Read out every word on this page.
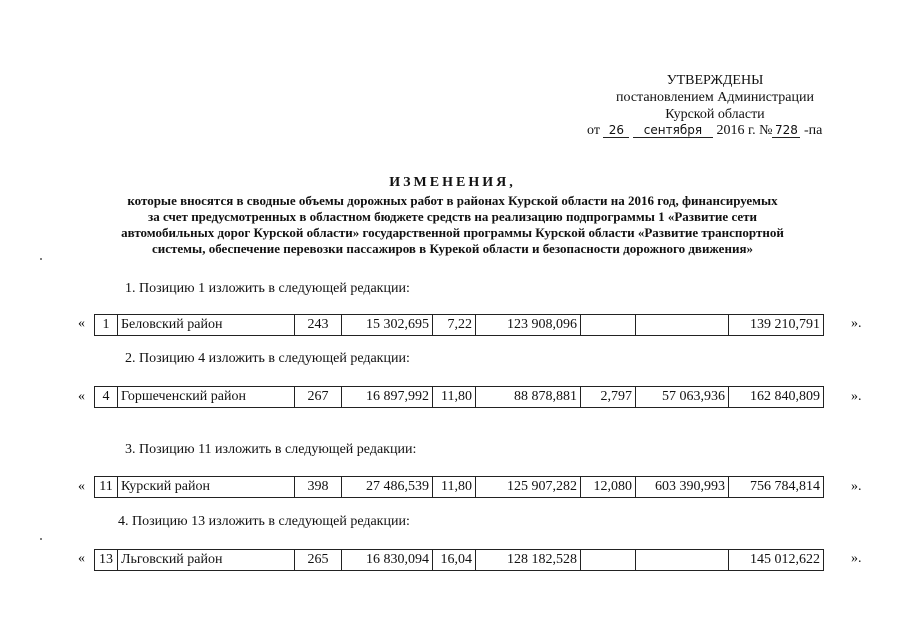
УТВЕРЖДЕНЫ
постановлением Администрации
Курской области
от 26 сентября 2016 г. № 728 -па
ИЗМЕНЕНИЯ,
которые вносятся в сводные объемы дорожных работ в районах Курской области на 2016 год, финансируемых
за счет предусмотренных в областном бюджете средств на реализацию подпрограммы 1 «Развитие сети
автомобильных дорог Курской области» государственной программы Курской области «Развитие транспортной
системы, обеспечение перевозки пассажиров в Курекой области и безопасности дорожного движения»
1. Позицию 1 изложить в следующей редакции:
« 1	Беловский район	243	15 302,695	7,22	123 908,096			139 210,791 ».
2. Позицию 4 изложить в следующей редакции:
« 4	Горшеченский район	267	16 897,992	11,80	88 878,881	2,797	57 063,936	162 840,809 ».
3. Позицию 11 изложить в следующей редакции:
« 11	Курский район	398	27 486,539	11,80	125 907,282	12,080	603 390,993	756 784,814 ».
4. Позицию 13 изложить в следующей редакции:
« 13	Льговский район	265	16 830,094	16,04	128 182,528			145 012,622 ».
